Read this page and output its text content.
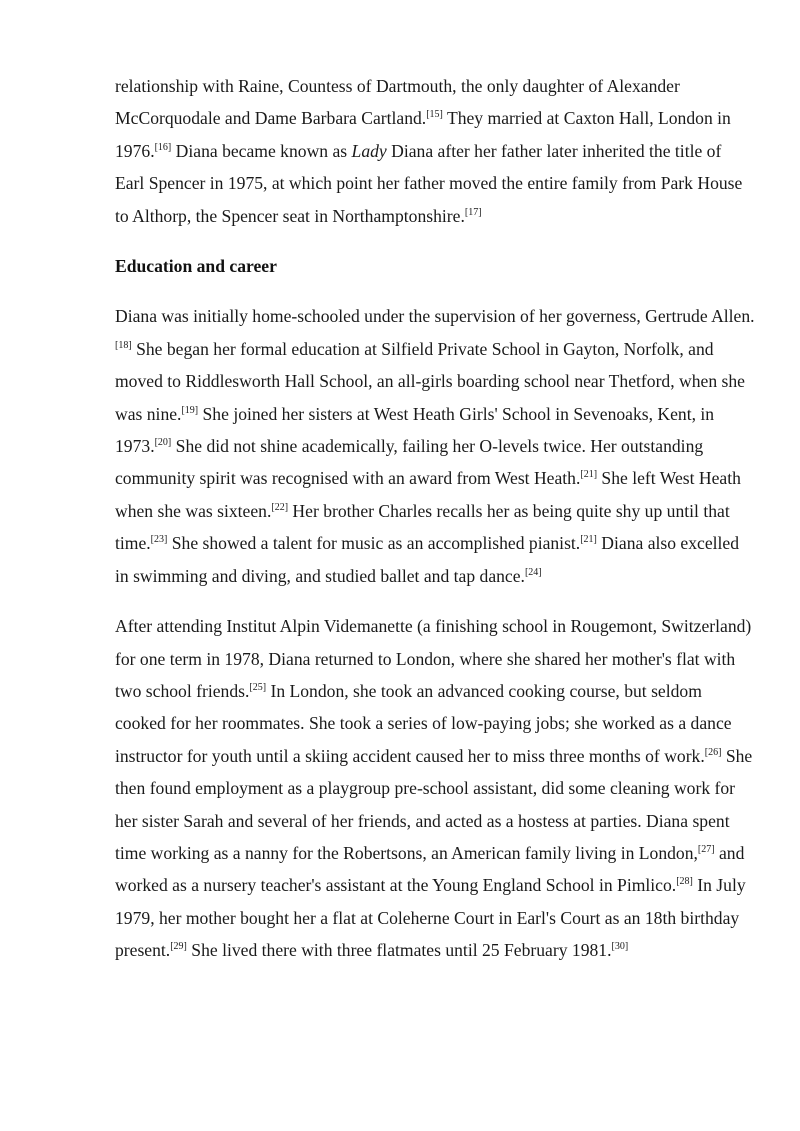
relationship with Raine, Countess of Dartmouth, the only daughter of Alexander McCorquodale and Dame Barbara Cartland.[15] They married at Caxton Hall, London in 1976.[16] Diana became known as Lady Diana after her father later inherited the title of Earl Spencer in 1975, at which point her father moved the entire family from Park House to Althorp, the Spencer seat in Northamptonshire.[17]

Education and career

Diana was initially home-schooled under the supervision of her governess, Gertrude Allen.[18] She began her formal education at Silfield Private School in Gayton, Norfolk, and moved to Riddlesworth Hall School, an all-girls boarding school near Thetford, when she was nine.[19] She joined her sisters at West Heath Girls' School in Sevenoaks, Kent, in 1973.[20] She did not shine academically, failing her O-levels twice. Her outstanding community spirit was recognised with an award from West Heath.[21] She left West Heath when she was sixteen.[22] Her brother Charles recalls her as being quite shy up until that time.[23] She showed a talent for music as an accomplished pianist.[21] Diana also excelled in swimming and diving, and studied ballet and tap dance.[24]

After attending Institut Alpin Videmanette (a finishing school in Rougemont, Switzerland) for one term in 1978, Diana returned to London, where she shared her mother's flat with two school friends.[25] In London, she took an advanced cooking course, but seldom cooked for her roommates. She took a series of low-paying jobs; she worked as a dance instructor for youth until a skiing accident caused her to miss three months of work.[26] She then found employment as a playgroup pre-school assistant, did some cleaning work for her sister Sarah and several of her friends, and acted as a hostess at parties. Diana spent time working as a nanny for the Robertsons, an American family living in London,[27] and worked as a nursery teacher's assistant at the Young England School in Pimlico.[28] In July 1979, her mother bought her a flat at Coleherne Court in Earl's Court as an 18th birthday present.[29] She lived there with three flatmates until 25 February 1981.[30]
